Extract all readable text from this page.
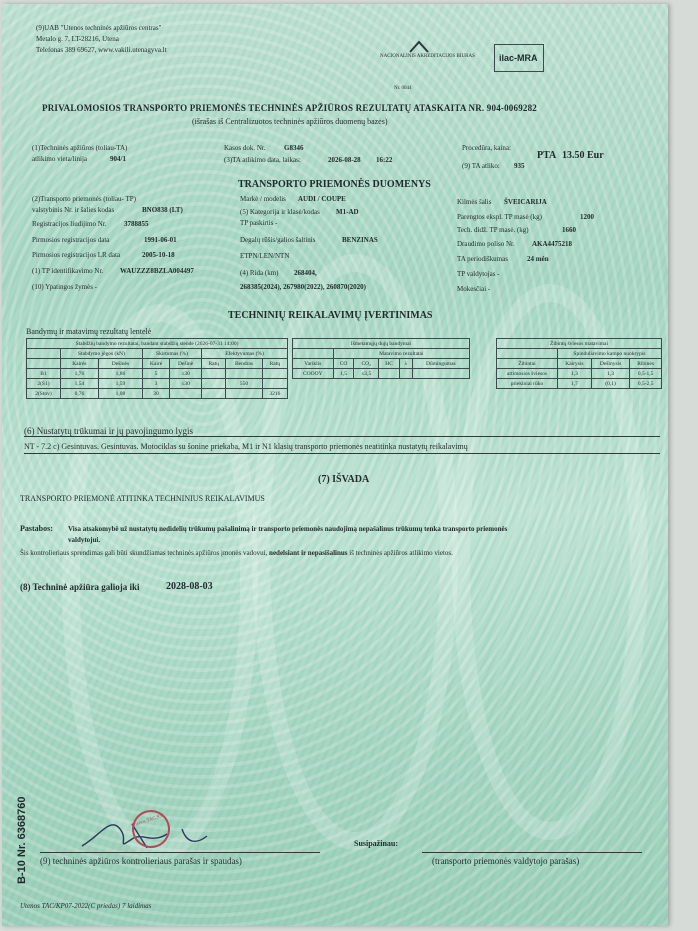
(9)UAB "Utenos techninės apžiūros centras"
Metalo g. 7, LT-28216, Utena
Telefonas 389 69627, www.vakili.utenagyva.lt
NACIONALINIS AKREDITACIJOS BIURAS	ilac-MRA
Nr. 0044
PRIVALOMOSIOS TRANSPORTO PRIEMONĖS TECHNINĖS APŽIŪROS REZULTATŲ ATASKAITA NR. 904-0069282
(išrašas iš Centralizuotos techninės apžiūros duomenų bazės)
(1)Techninės apžiūros (toliau-TA)
atlikimo vieta/linija	904/1
Kasos dok. Nr.	G8346
(3)TA atlikimo data, laikas:	2026-08-28 16:22
Procedūra, kaina:
PTA 13.50 Eur
(9) TA atliko: 935
TRANSPORTO PRIEMONĖS DUOMENYS
(2)Transporto priemonės (toliau- TP)
valstybinis Nr. ir šalies kodas	BNO838 (LT)
Registracijos liudijimo Nr.	3788855
Pirmosios registracijos data	1991-06-01
Pirmosios registracijos LR data	2005-10-18
(1) TP identifikavimo Nr. WAUZZZ8BZLA004497
(10) Ypatingos žymės -
Markė / modelis AUDI / COUPE
(5) Kategorija ir klasė/kodas M1-AD
TP paskirtis -
Degalų rūšis/galios šaltinis	BENZINAS
ETPN/LEN/NTN
(4) Rida (km) 268404,
268385(2024), 267980(2022), 260870(2020)
Kilmės šalis ŠVEICARIJA
Parengtos ekspl. TP masė (kg)	1200
Tech. didž. TP masė. (kg)	1660
Draudimo poliso Nr. AKA4475218
TA periodiškumas	24 mėn
TP valdytojas -
Mokesčiai -
TECHNINIŲ REIKALAVIMŲ ĮVERTINIMAS
Bandymų ir matavimų rezultatų lentelė
Stabdžių bandymo rezultatai, bandant stabdžių stende (2026-07-31 14:00)							
	Stabdymo jėgos (kN)		Skirtumas (%)		Efektyvumas (%)		
	Kairės	Dešinės	Kairė	Dešinė	Ratų	Bendras	Ratų
B1	1,76	1,86	5	≤30			
2(S1)	1,54	1,59	3	≤30		550	
2(Stov)	0,76	1,08	30				3216
Išmetamųjų dujų bandymai					
	Matavimo rezultatai				
Variklis	CO	CO₂	HC	λ	Dūmingumas
COOOY	1,5	≤3,5			
Žibintų šviesos matavimai			
	Spinduliavimo kampo nuokrypis		
Žibintai	Kairysis	Dešinysis	Ribinės
artimosios šviesos	1,3	1,3	0,5-1,5
priekiniai rūko	1,7	(0,1)	0,5-2,5
(6) Nustatytų trūkumai ir jų pavojingumo lygis
NT - 7.2 c) Gesintuvas. Gesintuvas. Motociklas su šonine priekaba, M1 ir N1 klasių transporto priemonės neatitinka nustatytų reikalavimų
(7) IŠVADA
TRANSPORTO PRIEMONĖ ATITINKA TECHNINIUS REIKALAVIMUS
Pastabos: Visa atsakomybė už nustatytų nedidelių trūkumų pašalinimą ir transporto priemonės naudojimą nepašalinus trūkumų tenka transporto priemonės
valdytojui.
Šis kontrolieriaus sprendimas gali būti skundžiamas techninės apžiūros įmonės vadovui, nedelsiant ir nepasišalinus iš techninės apžiūros atlikimo vietos.
(8) Techninė apžiūra galioja iki	2028-08-03
B-10 Nr. 6368760	Utenos TAC 935
(9) techninės apžiūros kontrolieriaus parašas ir spaudas)
Susipažinau:
(transporto priemonės valdytojo parašas)
Utenos TAC/KP07-2022(C priedas) 7 laidimas
